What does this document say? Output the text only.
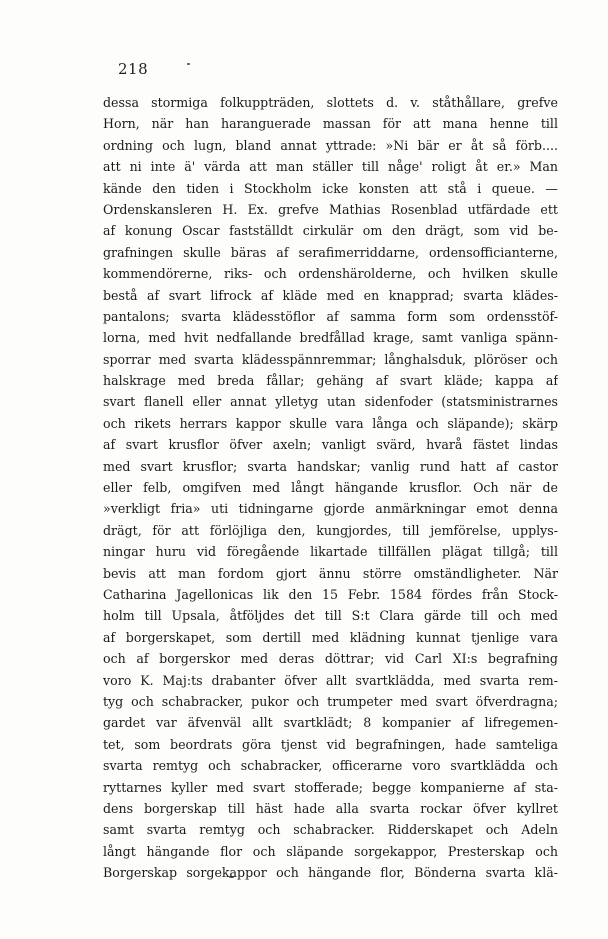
218
dessa stormiga folkuppträden, slottets d. v. ståthållare, grefve
Horn, när han haranguerade massan för att mana henne till
ordning och lugn, bland annat yttrade: »Ni bär er åt så förb....
att ni inte ä' värda att man ställer till någe' roligt åt er.» Man
kände den tiden i Stockholm icke konsten att stå i queue. —
Ordenskansleren H. Ex. grefve Mathias Rosenblad utfärdade ett
af konung Oscar fastställdt cirkulär om den drägt, som vid be-
grafningen skulle bäras af serafimerriddarne, ordensofficianterne,
kommendörerne, riks- och ordenshärolderne, och hvilken skulle
bestå af svart lifrock af kläde med en knapprad; svarta klädes-
pantalons; svarta klädesstöflor af samma form som ordensstöf-
lorna, med hvit nedfallande bredfållad krage, samt vanliga spänn-
sporrar med svarta klädesspännremmar; långhalsduk, plöröser och
halskrage med breda fållar; gehäng af svart kläde; kappa af
svart flanell eller annat ylletyg utan sidenfoder (statsministrarnes
och rikets herrars kappor skulle vara långa och släpande); skärp
af svart krusflor öfver axeln; vanligt svärd, hvarå fästet lindas
med svart krusflor; svarta handskar; vanlig rund hatt af castor
eller felb, omgifven med långt hängande krusflor. Och när de
»verkligt fria» uti tidningarne gjorde anmärkningar emot denna
drägt, för att förlöjliga den, kungjordes, till jemförelse, upplys-
ningar huru vid föregående likartade tillfällen plägat tillgå; till
bevis att man fordom gjort ännu större omständligheter. När
Catharina Jagellonicas lik den 15 Febr. 1584 fördes från Stock-
holm till Upsala, åtföljdes det till S:t Clara gärde till och med
af borgerskapet, som dertill med klädning kunnat tjenlige vara
och af borgerskor med deras döttrar; vid Carl XI:s begrafning
voro K. Maj:ts drabanter öfver allt svartklädda, med svarta rem-
tyg och schabracker, pukor och trumpeter med svart öfverdragna;
gardet var äfvenväl allt svartklädt; 8 kompanier af lifregemen-
tet, som beordrats göra tjenst vid begrafningen, hade samteliga
svarta remtyg och schabracker, officerarne voro svartklädda och
ryttarnes kyller med svart stofferade; begge kompanierne af sta-
dens borgerskap till häst hade alla svarta rockar öfver kyllret
samt svarta remtyg och schabracker. Ridderskapet och Adeln
långt hängande flor och släpande sorgekappor, Presterskap och
Borgerskap sorgekappor och hängande flor, Bönderna svarta klä-
